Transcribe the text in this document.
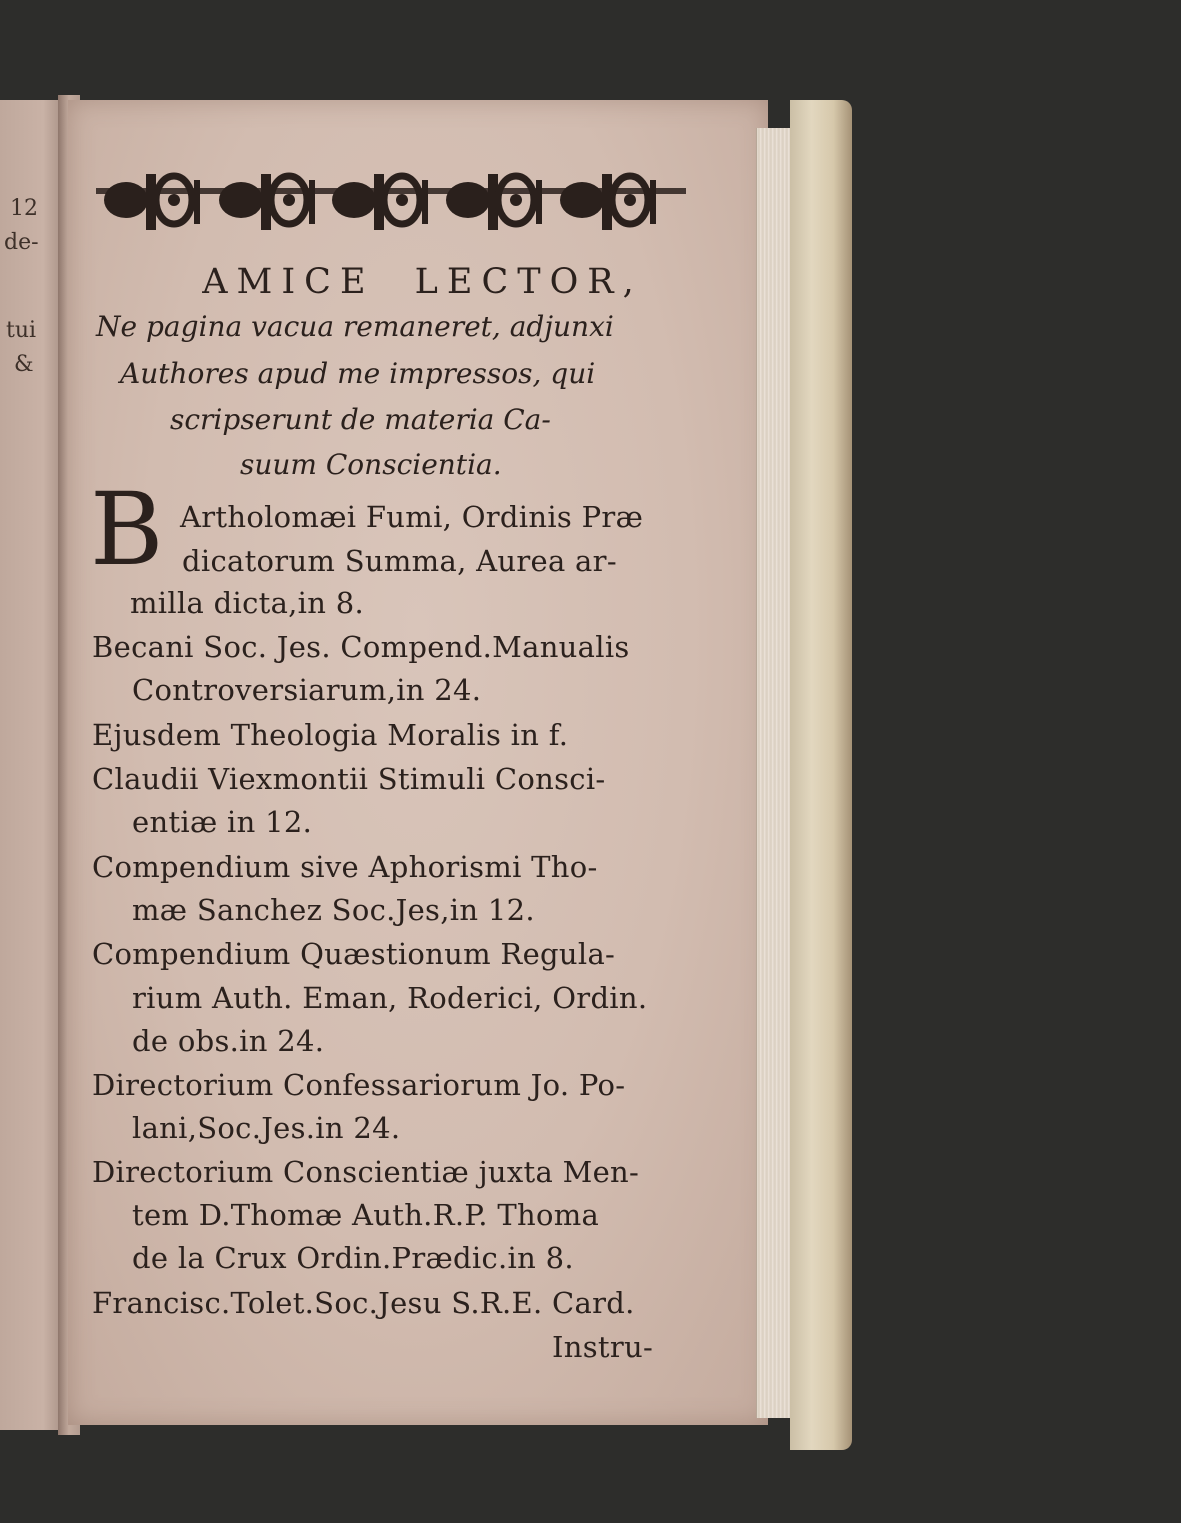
12
de-
tui
&
AMICE LECTOR,
Ne pagina vacua remaneret, adjunxi
Authores apud me impressos, qui
scripserunt de materia Ca-
suum Conscientia.
B Artholomæi Fumi, Ordinis Præ
dicatorum Summa, Aurea ar-
milla dicta,in 8.
Becani Soc. Jes. Compend.Manualis
Controversiarum,in 24.
Ejusdem Theologia Moralis in f.
Claudii Viexmontii Stimuli Consci-
entiæ in 12.
Compendium sive Aphorismi Tho-
mæ Sanchez Soc.Jes,in 12.
Compendium Quæstionum Regula-
rium Auth. Eman, Roderici, Ordin.
de obs.in 24.
Directorium Confessariorum Jo. Po-
lani,Soc.Jes.in 24.
Directorium Conscientiæ juxta Men-
tem D.Thomæ Auth.R.P. Thoma
de la Crux Ordin.Prædic.in 8.
Francisc.Tolet.Soc.Jesu S.R.E. Card.
Instru-
